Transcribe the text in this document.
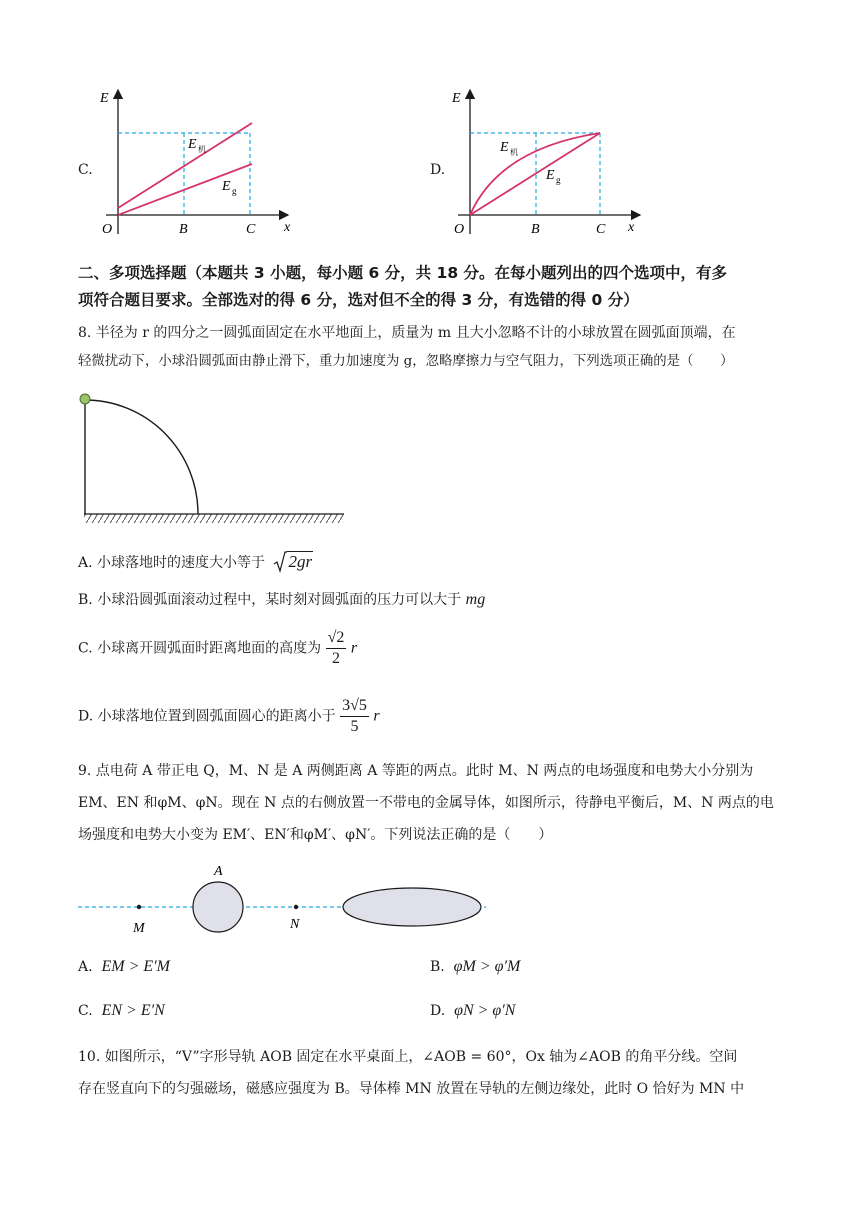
C.
E
x
O	B	C
E 机
E g
D.
E
x
O	B	C
E 机
E g
二、多项选择题（本题共 3 小题，每小题 6 分，共 18 分。在每小题列出的四个选项中，有多
项符合题目要求。全部选对的得 6 分，选对但不全的得 3 分，有选错的得 0 分）
8. 半径为 r 的四分之一圆弧面固定在水平地面上，质量为 m 且大小忽略不计的小球放置在圆弧面顶端，在
轻微扰动下，小球沿圆弧面由静止滑下，重力加速度为 g，忽略摩擦力与空气阻力，下列选项正确的是（　　）
A. 小球落地时的速度大小等于 2gr
B. 小球沿圆弧面滚动过程中，某时刻对圆弧面的压力可以大于 mg
C. 小球离开圆弧面时距离地面的高度为 $\frac{√2}{2}$ r
D. 小球落地位置到圆弧面圆心的距离小于 $\frac{3√5}{5}$ r
9. 点电荷 A 带正电 Q，M、N 是 A 两侧距离 A 等距的两点。此时 M、N 两点的电场强度和电势大小分别为
EM、EN 和φM、φN。现在 N 点的右侧放置一不带电的金属导体，如图所示，待静电平衡后，M、N 两点的电
场强度和电势大小变为 EM′、EN′和φM′、φN′。下列说法正确的是（　　）
A
M	N
A. EM > E′M	B. φM > φ′M
C. EN > E′N	D. φN > φ′N
10. 如图所示，“V”字形导轨 AOB 固定在水平桌面上，∠AOB = 60°，Ox 轴为∠AOB 的角平分线。空间
存在竖直向下的匀强磁场，磁感应强度为 B。导体棒 MN 放置在导轨的左侧边缘处，此时 O 恰好为 MN 中
